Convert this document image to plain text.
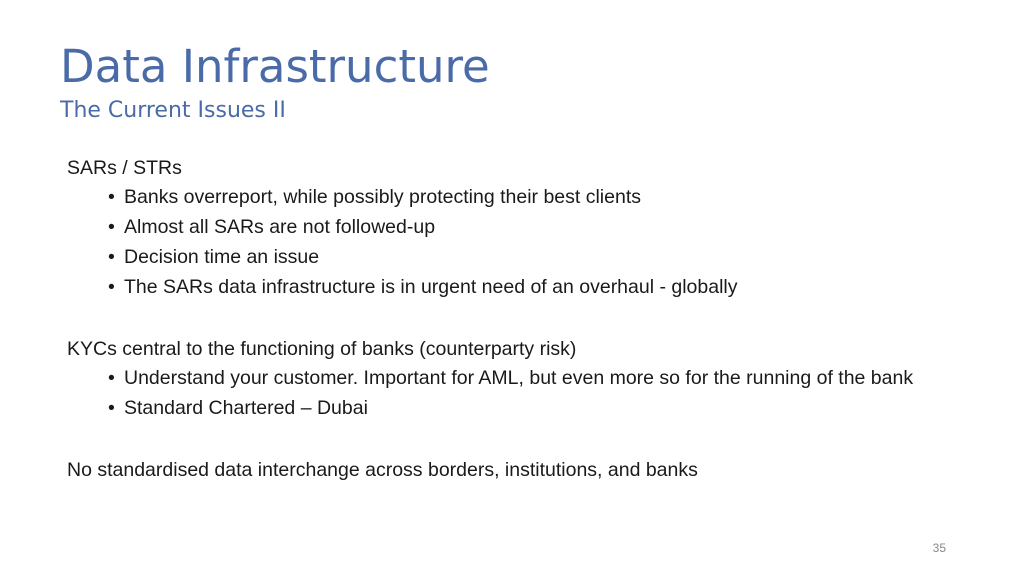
Data Infrastructure
The Current Issues II
SARs / STRs
• Banks overreport, while possibly protecting their best clients
• Almost all SARs are not followed-up
• Decision time an issue
• The SARs data infrastructure is in urgent need of an overhaul - globally
KYCs central to the functioning of banks (counterparty risk)
• Understand your customer. Important for AML, but even more so for the running of the bank
• Standard Chartered – Dubai
No standardised data interchange across borders, institutions, and banks
35
